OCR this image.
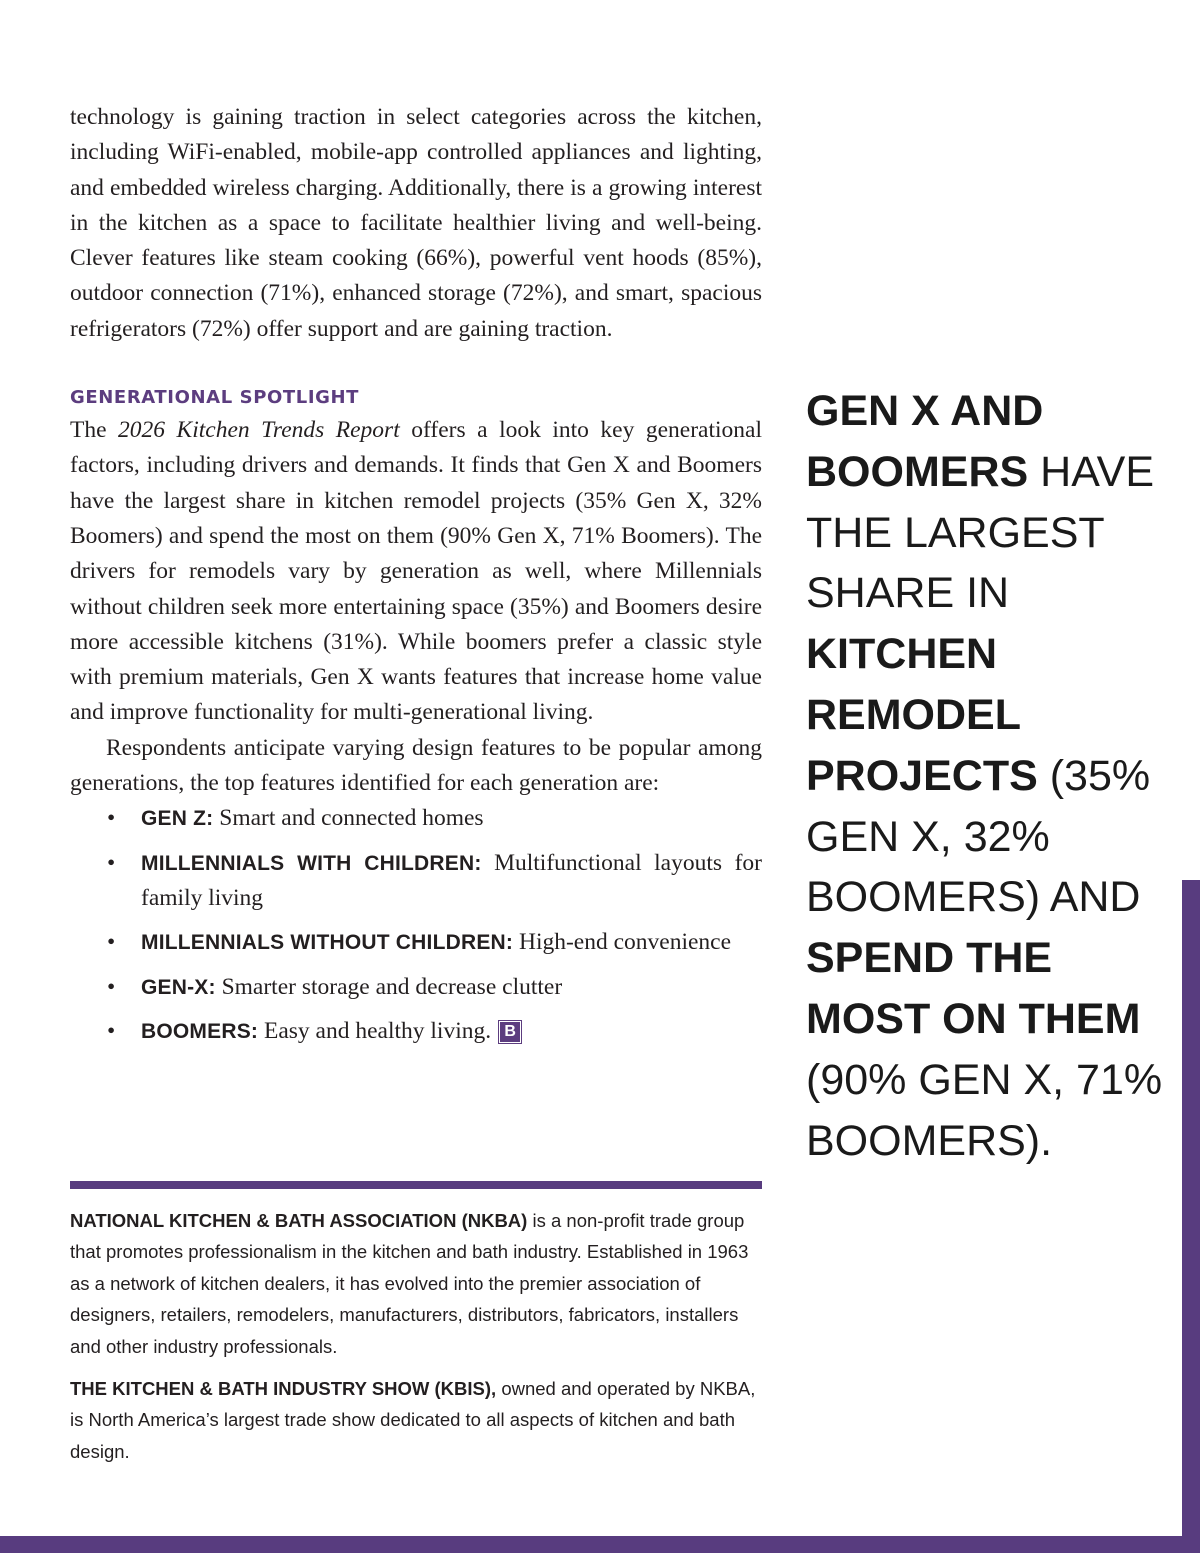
technology is gaining traction in select categories across the kitchen, including WiFi-enabled, mobile-app controlled appliances and lighting, and embedded wireless charging. Additionally, there is a growing interest in the kitchen as a space to facilitate healthier living and well-being. Clever features like steam cooking (66%), powerful vent hoods (85%), outdoor connection (71%), enhanced storage (72%), and smart, spacious refrigerators (72%) offer support and are gaining traction.

GENERATIONAL SPOTLIGHT

The 2026 Kitchen Trends Report offers a look into key generational factors, including drivers and demands. It finds that Gen X and Boomers have the largest share in kitchen remodel projects (35% Gen X, 32% Boomers) and spend the most on them (90% Gen X, 71% Boomers). The drivers for remodels vary by generation as well, where Millennials without children seek more entertaining space (35%) and Boomers desire more accessible kitchens (31%). While boomers prefer a classic style with premium materials, Gen X wants features that increase home value and improve functionality for multi-generational living.

Respondents anticipate varying design features to be popular among generations, the top features identified for each generation are:

• GEN Z: Smart and connected homes
• MILLENNIALS WITH CHILDREN: Multifunctional layouts for family living
• MILLENNIALS WITHOUT CHILDREN: High-end convenience
• GEN-X: Smarter storage and decrease clutter
• BOOMERS: Easy and healthy living. B

NATIONAL KITCHEN & BATH ASSOCIATION (NKBA) is a non-profit trade group that promotes professionalism in the kitchen and bath industry. Established in 1963 as a network of kitchen dealers, it has evolved into the premier association of designers, retailers, remodelers, manufacturers, distributors, fabricators, installers and other industry professionals.

THE KITCHEN & BATH INDUSTRY SHOW (KBIS), owned and operated by NKBA, is North America’s largest trade show dedicated to all aspects of kitchen and bath design.

GEN X AND BOOMERS HAVE THE LARGEST SHARE IN KITCHEN REMODEL PROJECTS (35% GEN X, 32% BOOMERS) AND SPEND THE MOST ON THEM (90% GEN X, 71% BOOMERS).
